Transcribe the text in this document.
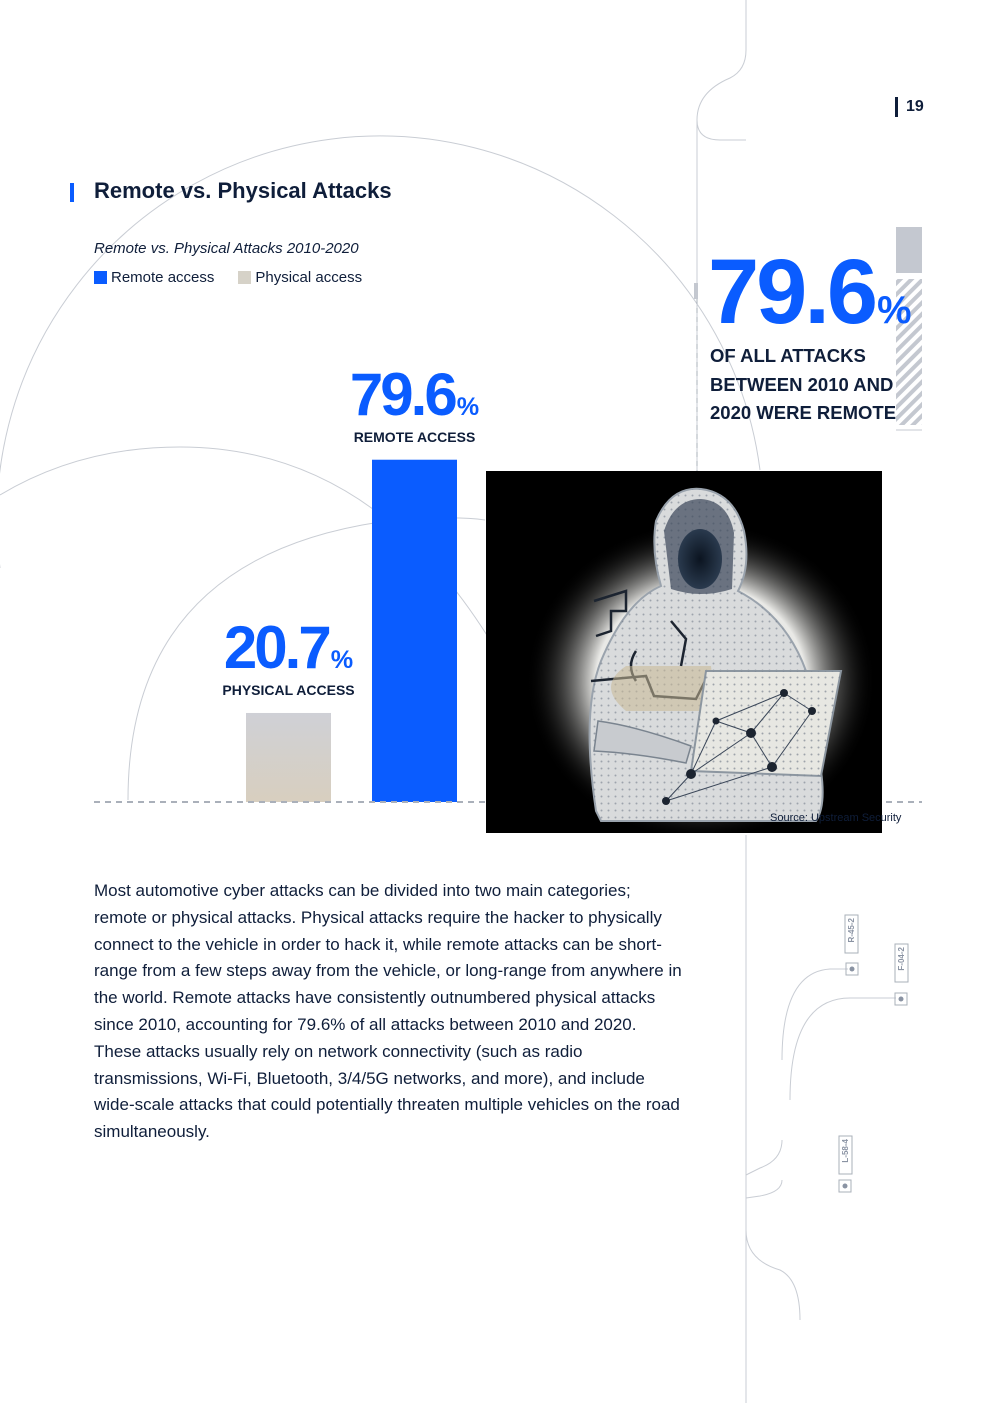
19
Remote vs. Physical Attacks
Remote vs. Physical Attacks 2010-2020
Remote access	Physical access
20.7%
PHYSICAL ACCESS
79.6%
REMOTE ACCESS
79.6%
OF ALL ATTACKS
BETWEEN 2010 AND
2020 WERE REMOTE
Source: Upstream Security
Most automotive cyber attacks can be divided into two main categories; remote or physical attacks. Physical attacks require the hacker to physically connect to the vehicle in order to hack it, while remote attacks can be short-range from a few steps away from the vehicle, or long-range from anywhere in the world. Remote attacks have consistently outnumbered physical attacks since 2010, accounting for 79.6% of all attacks between 2010 and 2020. These attacks usually rely on network connectivity (such as radio transmissions, Wi-Fi, Bluetooth, 3/4/5G networks, and more), and include wide-scale attacks that could potentially threaten multiple vehicles on the road simultaneously.
R-45-2
F-04-2
L-58-4
